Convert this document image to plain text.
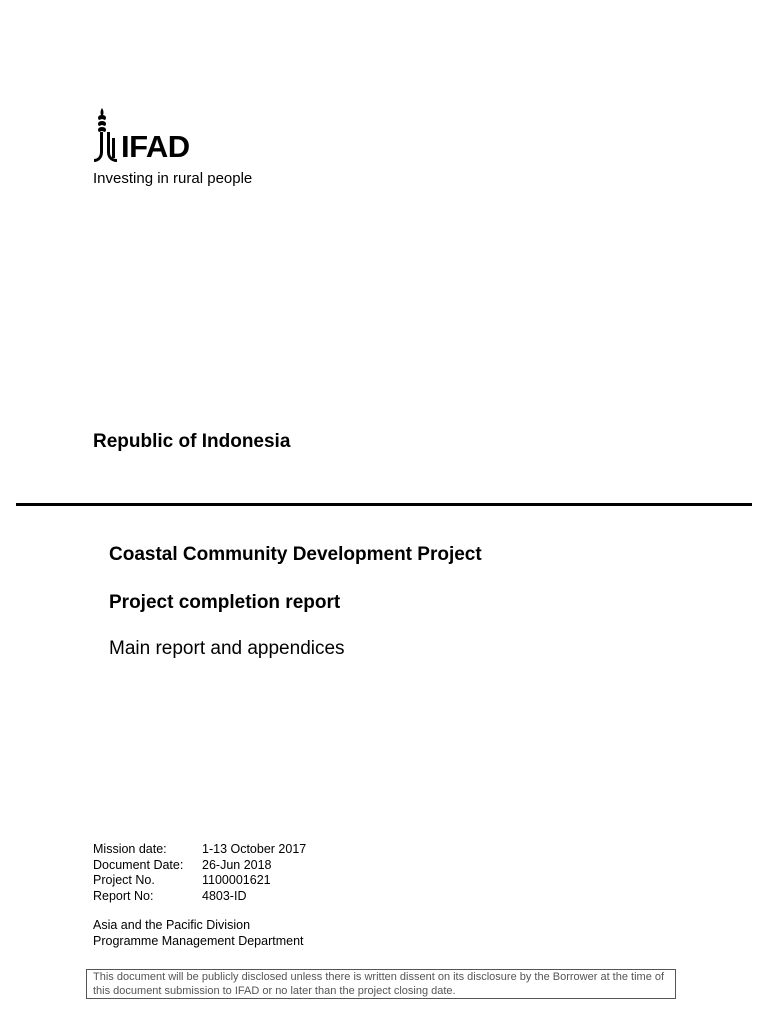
IFAD
Investing in rural people
Republic of Indonesia
Coastal Community Development Project
Project completion report
Main report and appendices
Mission date:	1-13 October 2017
Document Date:	26-Jun 2018
Project No.	1100001621
Report No:	4803-ID
Asia and the Pacific Division
Programme Management Department
This document will be publicly disclosed unless there is written dissent on its disclosure by the Borrower at the time of this document submission to IFAD or no later than the project closing date.
